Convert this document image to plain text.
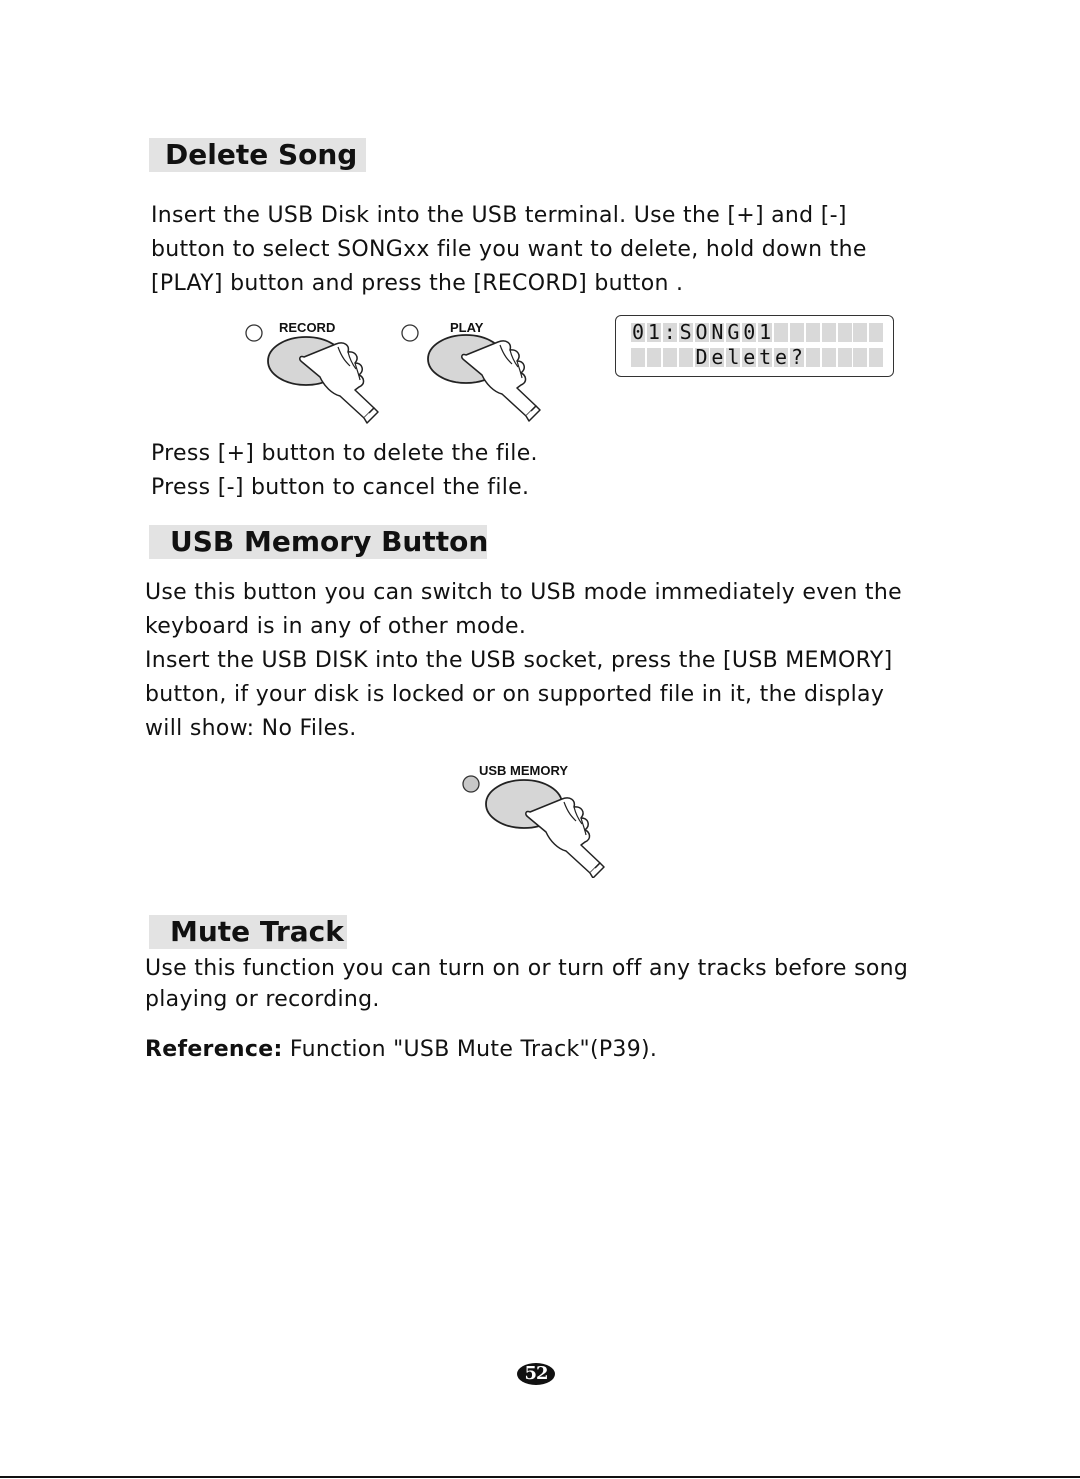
Delete Song
Insert the USB Disk into the USB terminal. Use the [+] and [-]
button to select SONGxx file you want to delete, hold down the
[PLAY] button and press the [RECORD] button .
RECORD	PLAY	0 1 : S O N G 0 1
D e l e t e ?
Press [+] button to delete the file.
Press [-] button to cancel the file.
USB Memory Button
Use this button you can switch to USB mode immediately even the
keyboard is in any of other mode.
Insert the USB DISK into the USB socket, press the [USB MEMORY]
button, if your disk is locked or on supported file in it, the display
will show: No Files.
USB MEMORY
Mute Track
Use this function you can turn on or turn off any tracks before song
playing or recording.
Reference: Function "USB Mute Track"(P39).
52
